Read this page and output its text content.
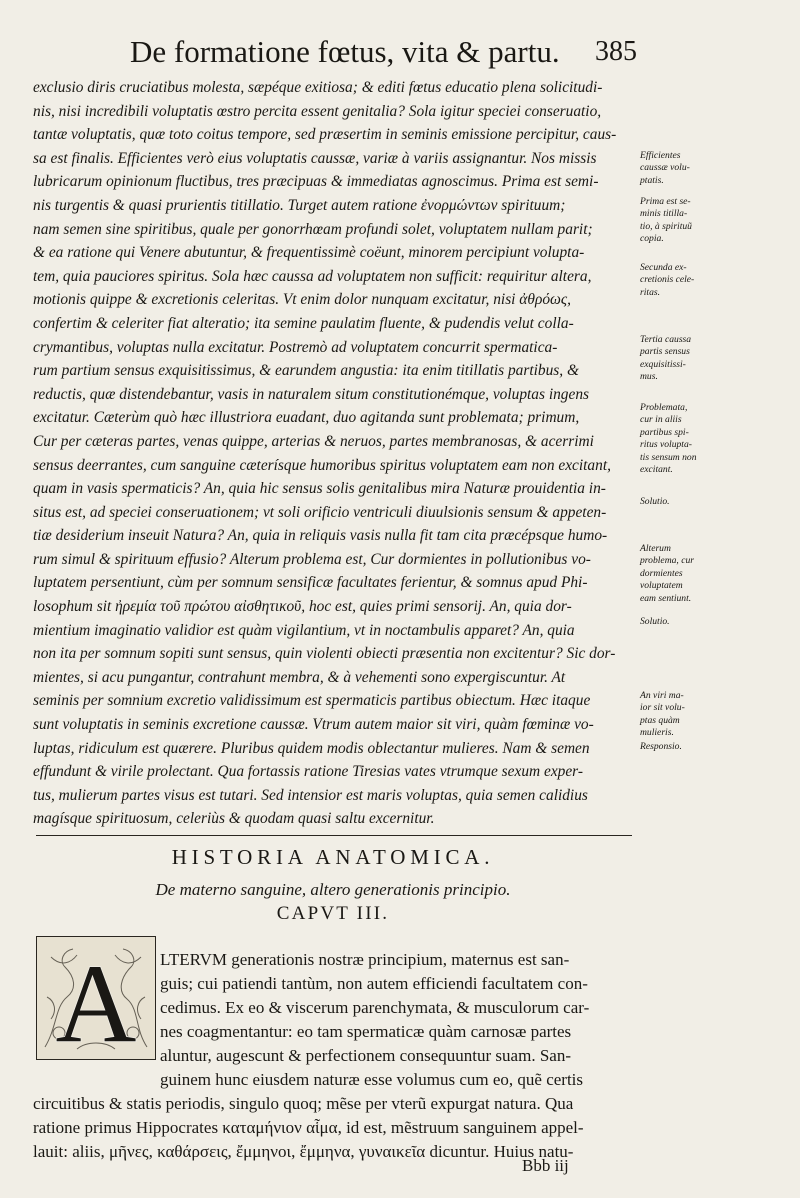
De formatione fœtus, vita & partu. 385
exclusio diris cruciatibus molesta, sæpéque exitiosa; & editi fœtus educatio plena solicitudi-
nis, nisi incredibili voluptatis œstro percita essent genitalia? Sola igitur speciei conseruatio,
tantæ voluptatis, quæ toto coitus tempore, sed præsertim in seminis emissione percipitur, caus-
sa est finalis. Efficientes verò eius voluptatis caussæ, variæ à variis assignantur. Nos missis
lubricarum opinionum fluctibus, tres præcipuas & immediatas agnoscimus. Prima est semi-
nis turgentis & quasi prurientis titillatio. Turget autem ratione ἐνορμώντων spirituum;
nam semen sine spiritibus, quale per gonorrhœam profundi solet, voluptatem nullam parit;
& ea ratione qui Venere abutuntur, & frequentissimè coëunt, minorem percipiunt volupta-
tem, quia pauciores spiritus. Sola hæc caussa ad voluptatem non sufficit: requiritur altera,
motionis quippe & excretionis celeritas. Vt enim dolor nunquam excitatur, nisi ἀθρόως,
confertim & celeriter fiat alteratio; ita semine paulatim fluente, & pudendis velut colla-
crymantibus, voluptas nulla excitatur. Postremò ad voluptatem concurrit spermatica-
rum partium sensus exquisitissimus, & earundem angustia: ita enim titillatis partibus, &
reductis, quæ distendebantur, vasis in naturalem situm constitutionémque, voluptas ingens
excitatur. Cæterùm quò hæc illustriora euadant, duo agitanda sunt problemata; primum,
Cur per cæteras partes, venas quippe, arterias & neruos, partes membranosas, & acerrimi
sensus deerrantes, cum sanguine cæterísque humoribus spiritus voluptatem eam non excitant,
quam in vasis spermaticis? An, quia hic sensus solis genitalibus mira Naturæ prouidentia in-
situs est, ad speciei conseruationem; vt soli orificio ventriculi diuulsionis sensum & appeten-
tiæ desiderium inseuit Natura? An, quia in reliquis vasis nulla fit tam cita præcépsque humo-
rum simul & spirituum effusio? Alterum problema est, Cur dormientes in pollutionibus vo-
luptatem persentiunt, cùm per somnum sensificæ facultates ferientur, & somnus apud Phi-
losophum sit ἠρεμία τοῦ πρώτου αἰσθητικοῦ, hoc est, quies primi sensorij. An, quia dor-
mientium imaginatio validior est quàm vigilantium, vt in noctambulis apparet? An, quia
non ita per somnum sopiti sunt sensus, quin violenti obiecti præsentia non excitentur? Sic dor-
mientes, si acu pungantur, contrahunt membra, & à vehementi sono expergiscuntur. At
seminis per somnium excretio validissimum est spermaticis partibus obiectum. Hæc itaque
sunt voluptatis in seminis excretione caussæ. Vtrum autem maior sit viri, quàm fœminæ vo-
luptas, ridiculum est quærere. Pluribus quidem modis oblectantur mulieres. Nam & semen
effundunt & virile prolectant. Qua fortassis ratione Tiresias vates vtrumque sexum exper-
tus, mulierum partes visus est tutari. Sed intensior est maris voluptas, quia semen calidius
magísque spirituosum, celeriùs & quodam quasi saltu excernitur.
Efficientes
caussæ volu-
ptatis.
Prima est se-
minis titilla-
tio, à spirituũ
copia.
Secunda ex-
cretionis cele-
ritas.
Tertia caussa
partis sensus
exquisitissi-
mus.
Problemata,
cur in aliis
partibus spi-
ritus volupta-
tis sensum non
excitant.
Solutio.
Alterum
problema, cur
dormientes
voluptatem
eam sentiunt.
Solutio.
An viri ma-
ior sit volu-
ptas quàm
mulieris.
Responsio.
HISTORIA ANATOMICA.
De materno sanguine, altero generationis principio.
CAPVT III.
A LTERVM generationis nostræ principium, maternus est san-
guis; cui patiendi tantùm, non autem efficiendi facultatem con-
cedimus. Ex eo & viscerum parenchymata, & musculorum car-
nes coagmentantur: eo tam spermaticæ quàm carnosæ partes
aluntur, augescunt & perfectionem consequuntur suam. San-
guinem hunc eiusdem naturæ esse volumus cum eo, quẽ certis
circuitibus & statis periodis, singulo quoq; mẽse per vterũ expurgat natura. Qua
ratione primus Hippocrates καταμήνιον αἷμα, id est, mẽstruum sanguinem appel-
lauit: aliis, μῆνες, καθάρσεις, ἔμμηνοι, ἔμμηνα, γυναικεῖα dicuntur. Huius natu-
Bbb iij
